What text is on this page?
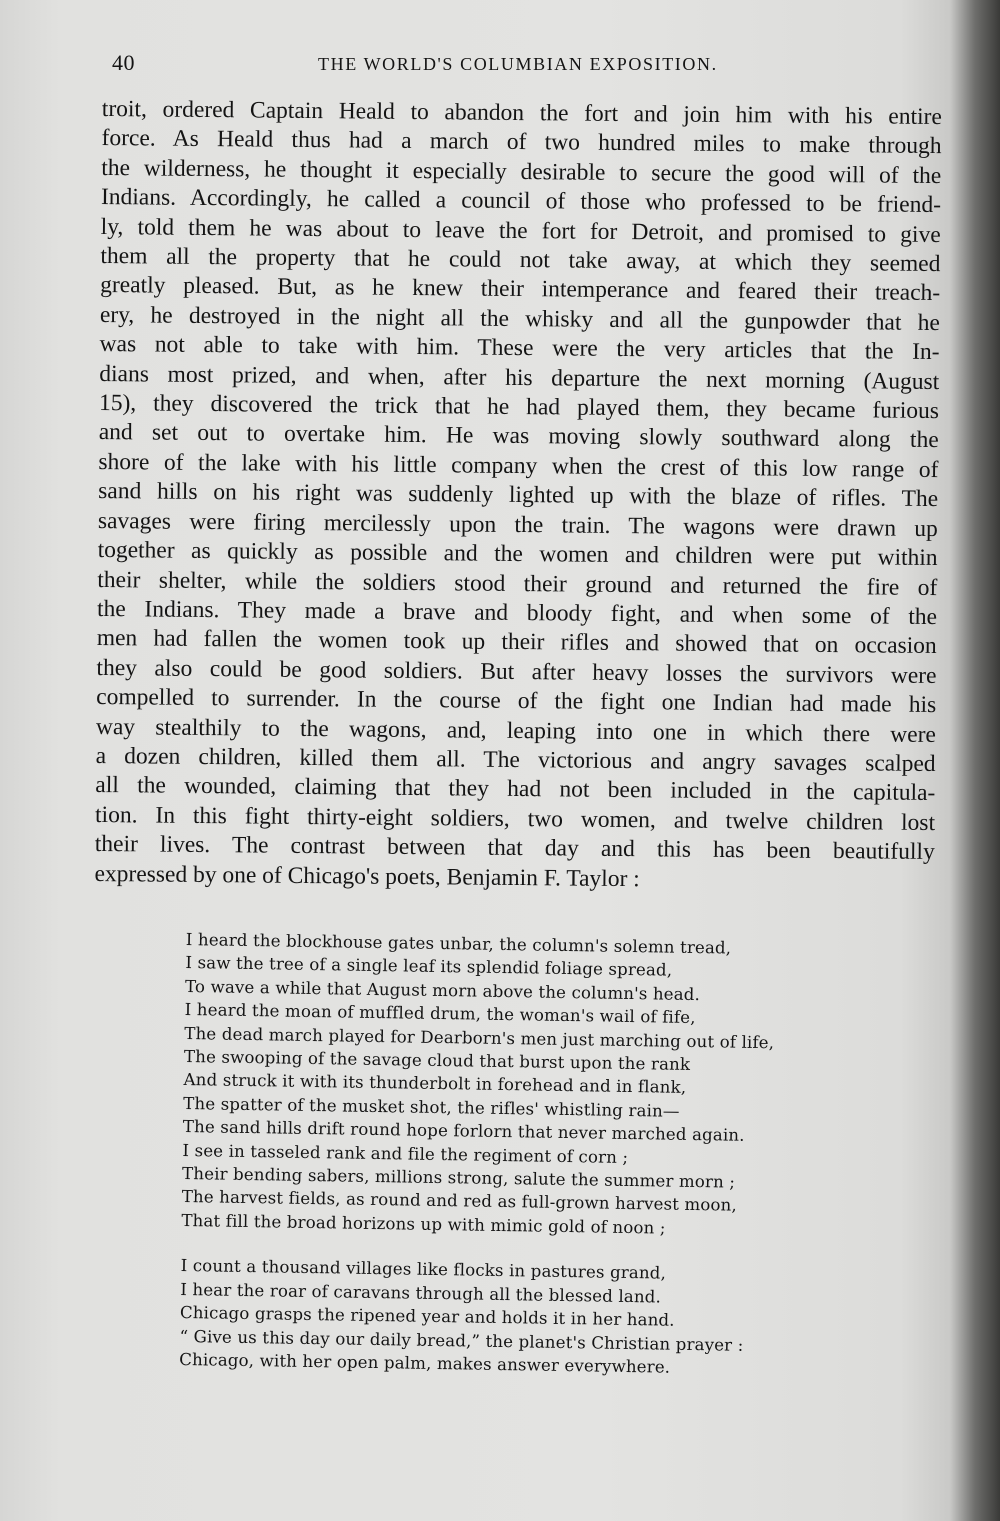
40	THE WORLD'S COLUMBIAN EXPOSITION.
troit, ordered Captain Heald to abandon the fort and join him with his entire
force. As Heald thus had a march of two hundred miles to make through
the wilderness, he thought it especially desirable to secure the good will of the
Indians. Accordingly, he called a council of those who professed to be friend-
ly, told them he was about to leave the fort for Detroit, and promised to give
them all the property that he could not take away, at which they seemed
greatly pleased. But, as he knew their intemperance and feared their treach-
ery, he destroyed in the night all the whisky and all the gunpowder that he
was not able to take with him. These were the very articles that the In-
dians most prized, and when, after his departure the next morning (August
15), they discovered the trick that he had played them, they became furious
and set out to overtake him. He was moving slowly southward along the
shore of the lake with his little company when the crest of this low range of
sand hills on his right was suddenly lighted up with the blaze of rifles. The
savages were firing mercilessly upon the train. The wagons were drawn up
together as quickly as possible and the women and children were put within
their shelter, while the soldiers stood their ground and returned the fire of
the Indians. They made a brave and bloody fight, and when some of the
men had fallen the women took up their rifles and showed that on occasion
they also could be good soldiers. But after heavy losses the survivors were
compelled to surrender. In the course of the fight one Indian had made his
way stealthily to the wagons, and, leaping into one in which there were
a dozen children, killed them all. The victorious and angry savages scalped
all the wounded, claiming that they had not been included in the capitula-
tion. In this fight thirty-eight soldiers, two women, and twelve children lost
their lives. The contrast between that day and this has been beautifully
expressed by one of Chicago's poets, Benjamin F. Taylor :
I heard the blockhouse gates unbar, the column's solemn tread,
I saw the tree of a single leaf its splendid foliage spread,
To wave a while that August morn above the column's head.
I heard the moan of muffled drum, the woman's wail of fife,
The dead march played for Dearborn's men just marching out of life,
The swooping of the savage cloud that burst upon the rank
And struck it with its thunderbolt in forehead and in flank,
The spatter of the musket shot, the rifles' whistling rain—
The sand hills drift round hope forlorn that never marched again.
I see in tasseled rank and file the regiment of corn ;
Their bending sabers, millions strong, salute the summer morn ;
The harvest fields, as round and red as full-grown harvest moon,
That fill the broad horizons up with mimic gold of noon ;
I count a thousand villages like flocks in pastures grand,
I hear the roar of caravans through all the blessed land.
Chicago grasps the ripened year and holds it in her hand.
“ Give us this day our daily bread,” the planet's Christian prayer :
Chicago, with her open palm, makes answer everywhere.
